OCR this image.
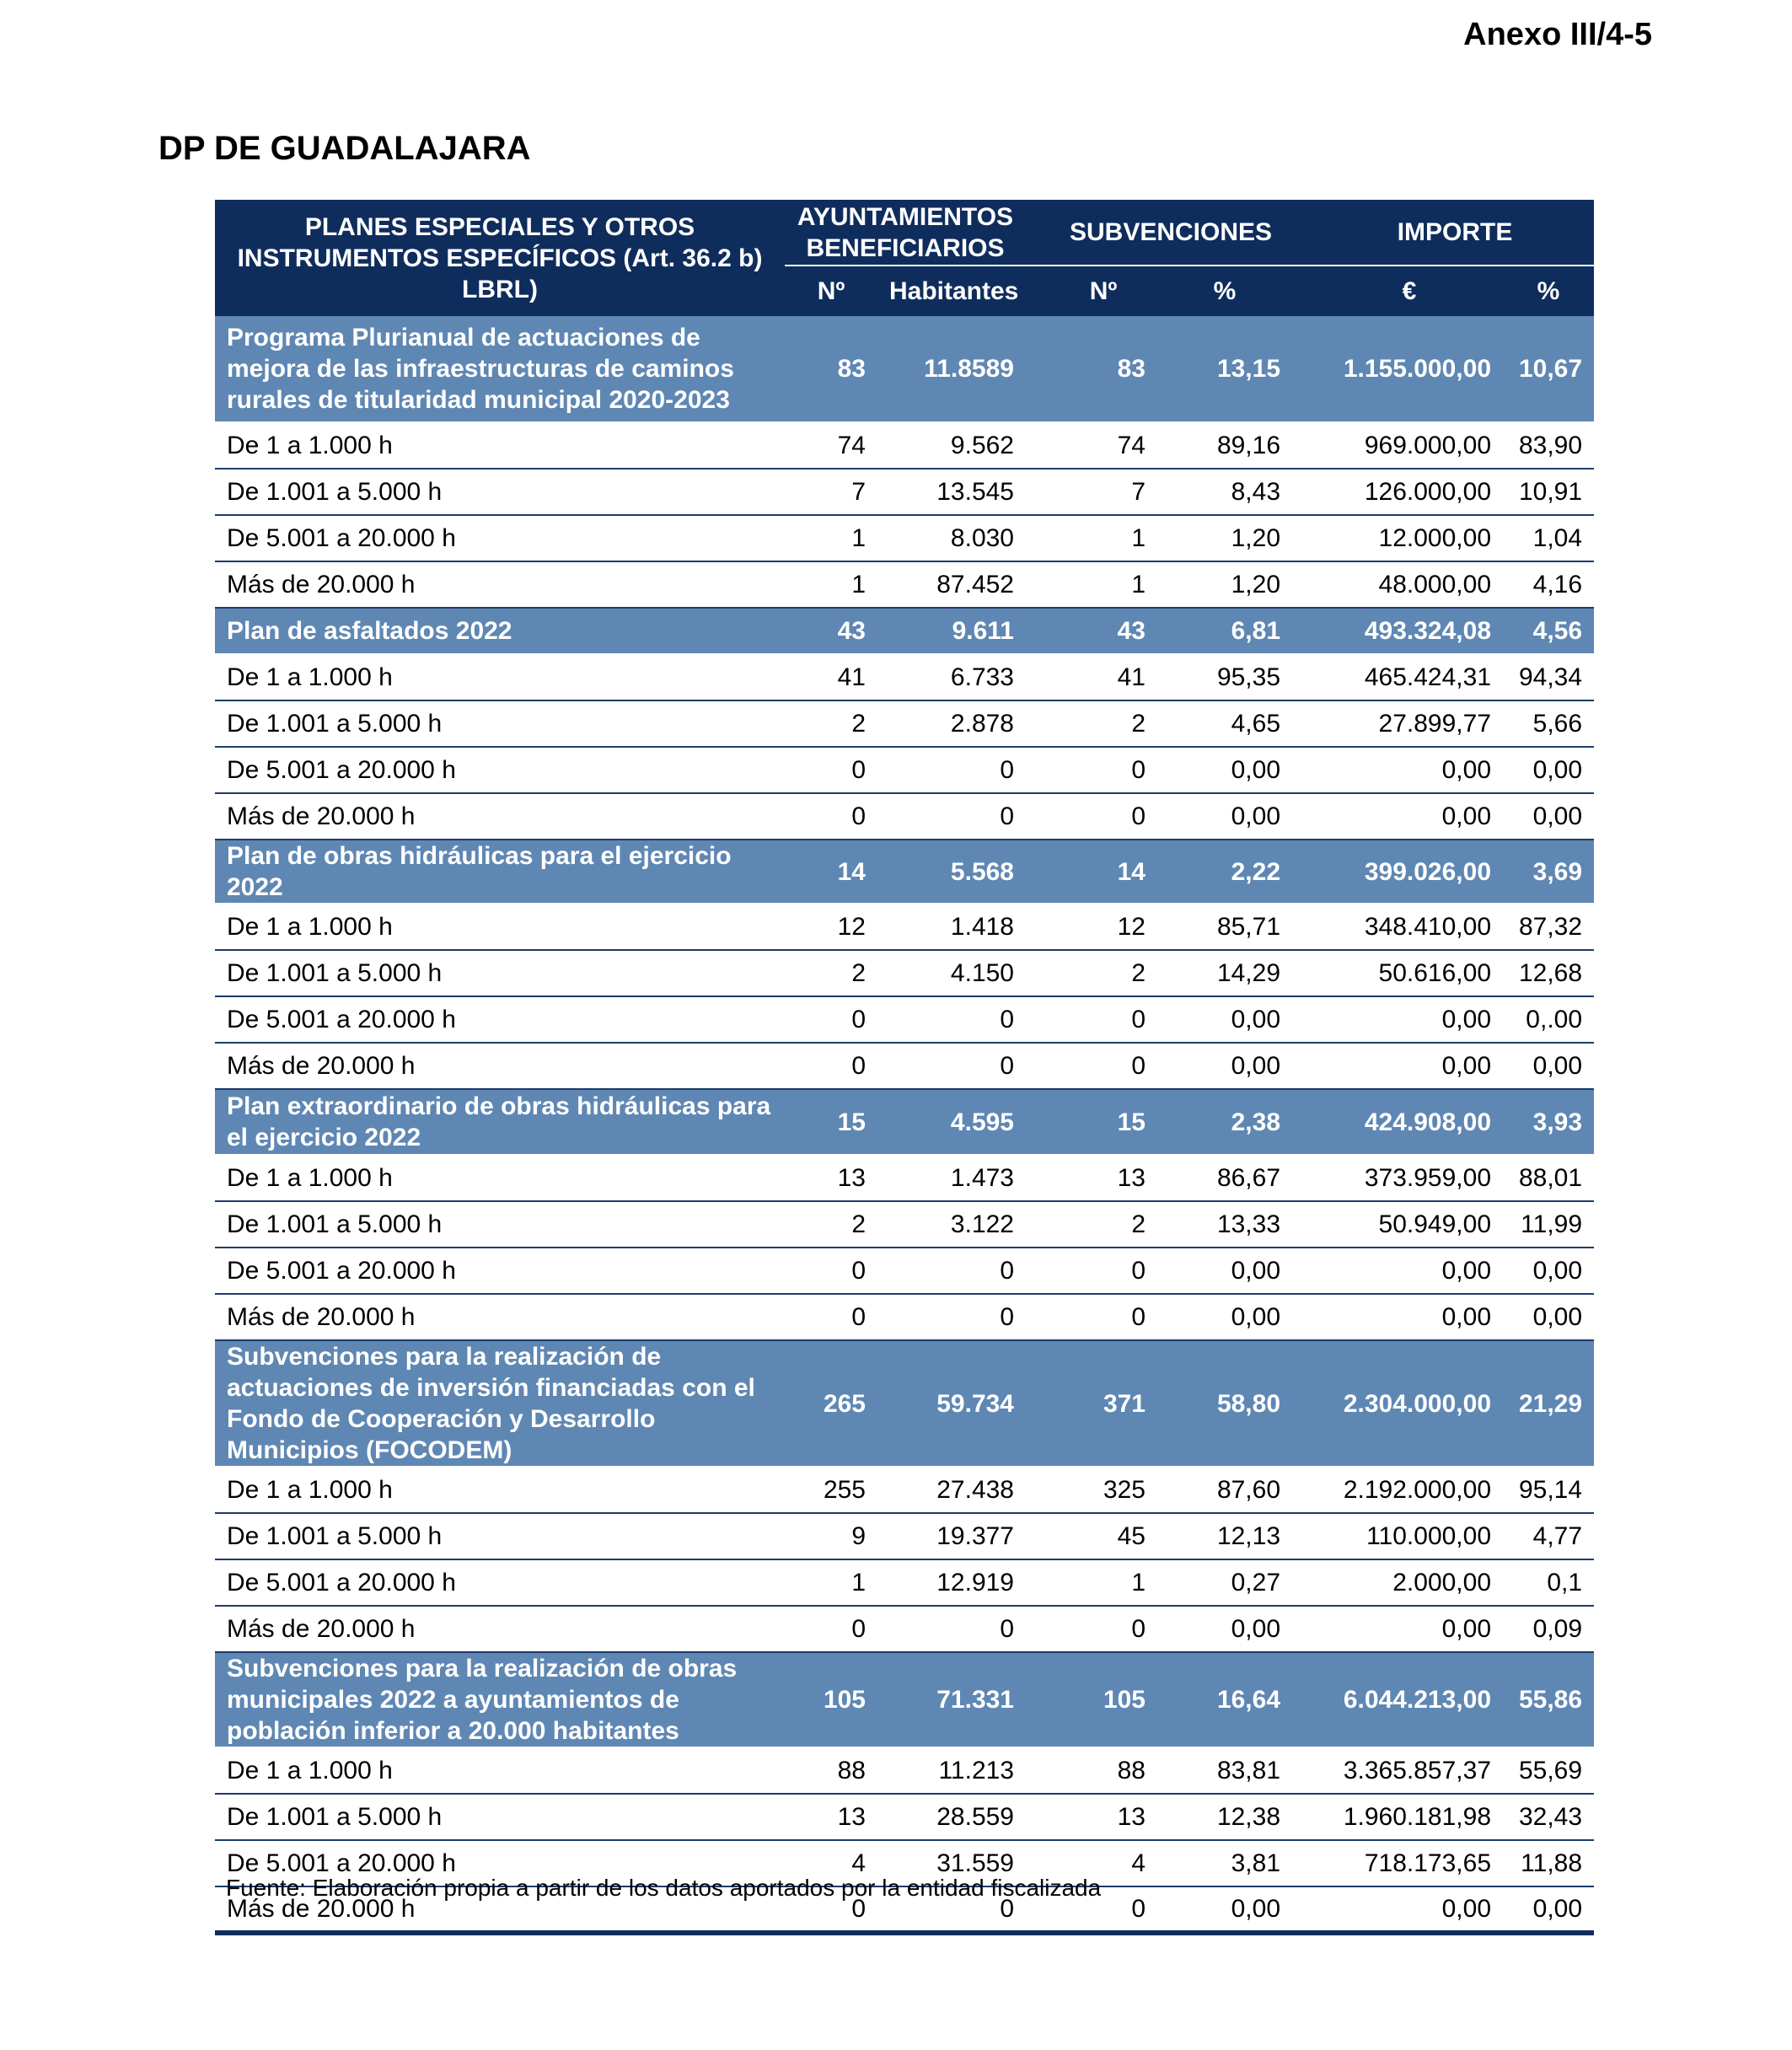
Anexo III/4-5
DP DE GUADALAJARA
PLANES ESPECIALES Y OTROS INSTRUMENTOS ESPECÍFICOS (Art. 36.2 b) LBRL)	AYUNTAMIENTOS BENEFICIARIOS			SUBVENCIONES			IMPORTE	
	Nº	Habitantes		Nº	%		€	%
Programa Plurianual de actuaciones de mejora de las infraestructuras de caminos rurales de titularidad municipal 2020-2023	83	11.8589		83	13,15		1.155.000,00	10,67
De 1 a 1.000 h	74	9.562		74	89,16		969.000,00	83,90
De 1.001 a 5.000 h	7	13.545		7	8,43		126.000,00	10,91
De 5.001 a 20.000 h	1	8.030		1	1,20		12.000,00	1,04
Más de 20.000 h	1	87.452		1	1,20		48.000,00	4,16
Plan de asfaltados 2022	43	9.611		43	6,81		493.324,08	4,56
De 1 a 1.000 h	41	6.733		41	95,35		465.424,31	94,34
De 1.001 a 5.000 h	2	2.878		2	4,65		27.899,77	5,66
De 5.001 a 20.000 h	0	0		0	0,00		0,00	0,00
Más de 20.000 h	0	0		0	0,00		0,00	0,00
Plan de obras hidráulicas para el ejercicio 2022	14	5.568		14	2,22		399.026,00	3,69
De 1 a 1.000 h	12	1.418		12	85,71		348.410,00	87,32
De 1.001 a 5.000 h	2	4.150		2	14,29		50.616,00	12,68
De 5.001 a 20.000 h	0	0		0	0,00		0,00	0,.00
Más de 20.000 h	0	0		0	0,00		0,00	0,00
Plan extraordinario de obras hidráulicas para el ejercicio 2022	15	4.595		15	2,38		424.908,00	3,93
De 1 a 1.000 h	13	1.473		13	86,67		373.959,00	88,01
De 1.001 a 5.000 h	2	3.122		2	13,33		50.949,00	11,99
De 5.001 a 20.000 h	0	0		0	0,00		0,00	0,00
Más de 20.000 h	0	0		0	0,00		0,00	0,00
Subvenciones para la realización de actuaciones de inversión financiadas con el Fondo de Cooperación y Desarrollo Municipios (FOCODEM)	265	59.734		371	58,80		2.304.000,00	21,29
De 1 a 1.000 h	255	27.438		325	87,60		2.192.000,00	95,14
De 1.001 a 5.000 h	9	19.377		45	12,13		110.000,00	4,77
De 5.001 a 20.000 h	1	12.919		1	0,27		2.000,00	0,1
Más de 20.000 h	0	0		0	0,00		0,00	0,09
Subvenciones para la realización de obras municipales 2022 a ayuntamientos de población inferior a 20.000 habitantes	105	71.331		105	16,64		6.044.213,00	55,86
De 1 a 1.000 h	88	11.213		88	83,81		3.365.857,37	55,69
De 1.001 a 5.000 h	13	28.559		13	12,38		1.960.181,98	32,43
De 5.001 a 20.000 h	4	31.559		4	3,81		718.173,65	11,88
Más de 20.000 h	0	0		0	0,00		0,00	0,00
Fuente: Elaboración propia a partir de los datos aportados por la entidad fiscalizada
